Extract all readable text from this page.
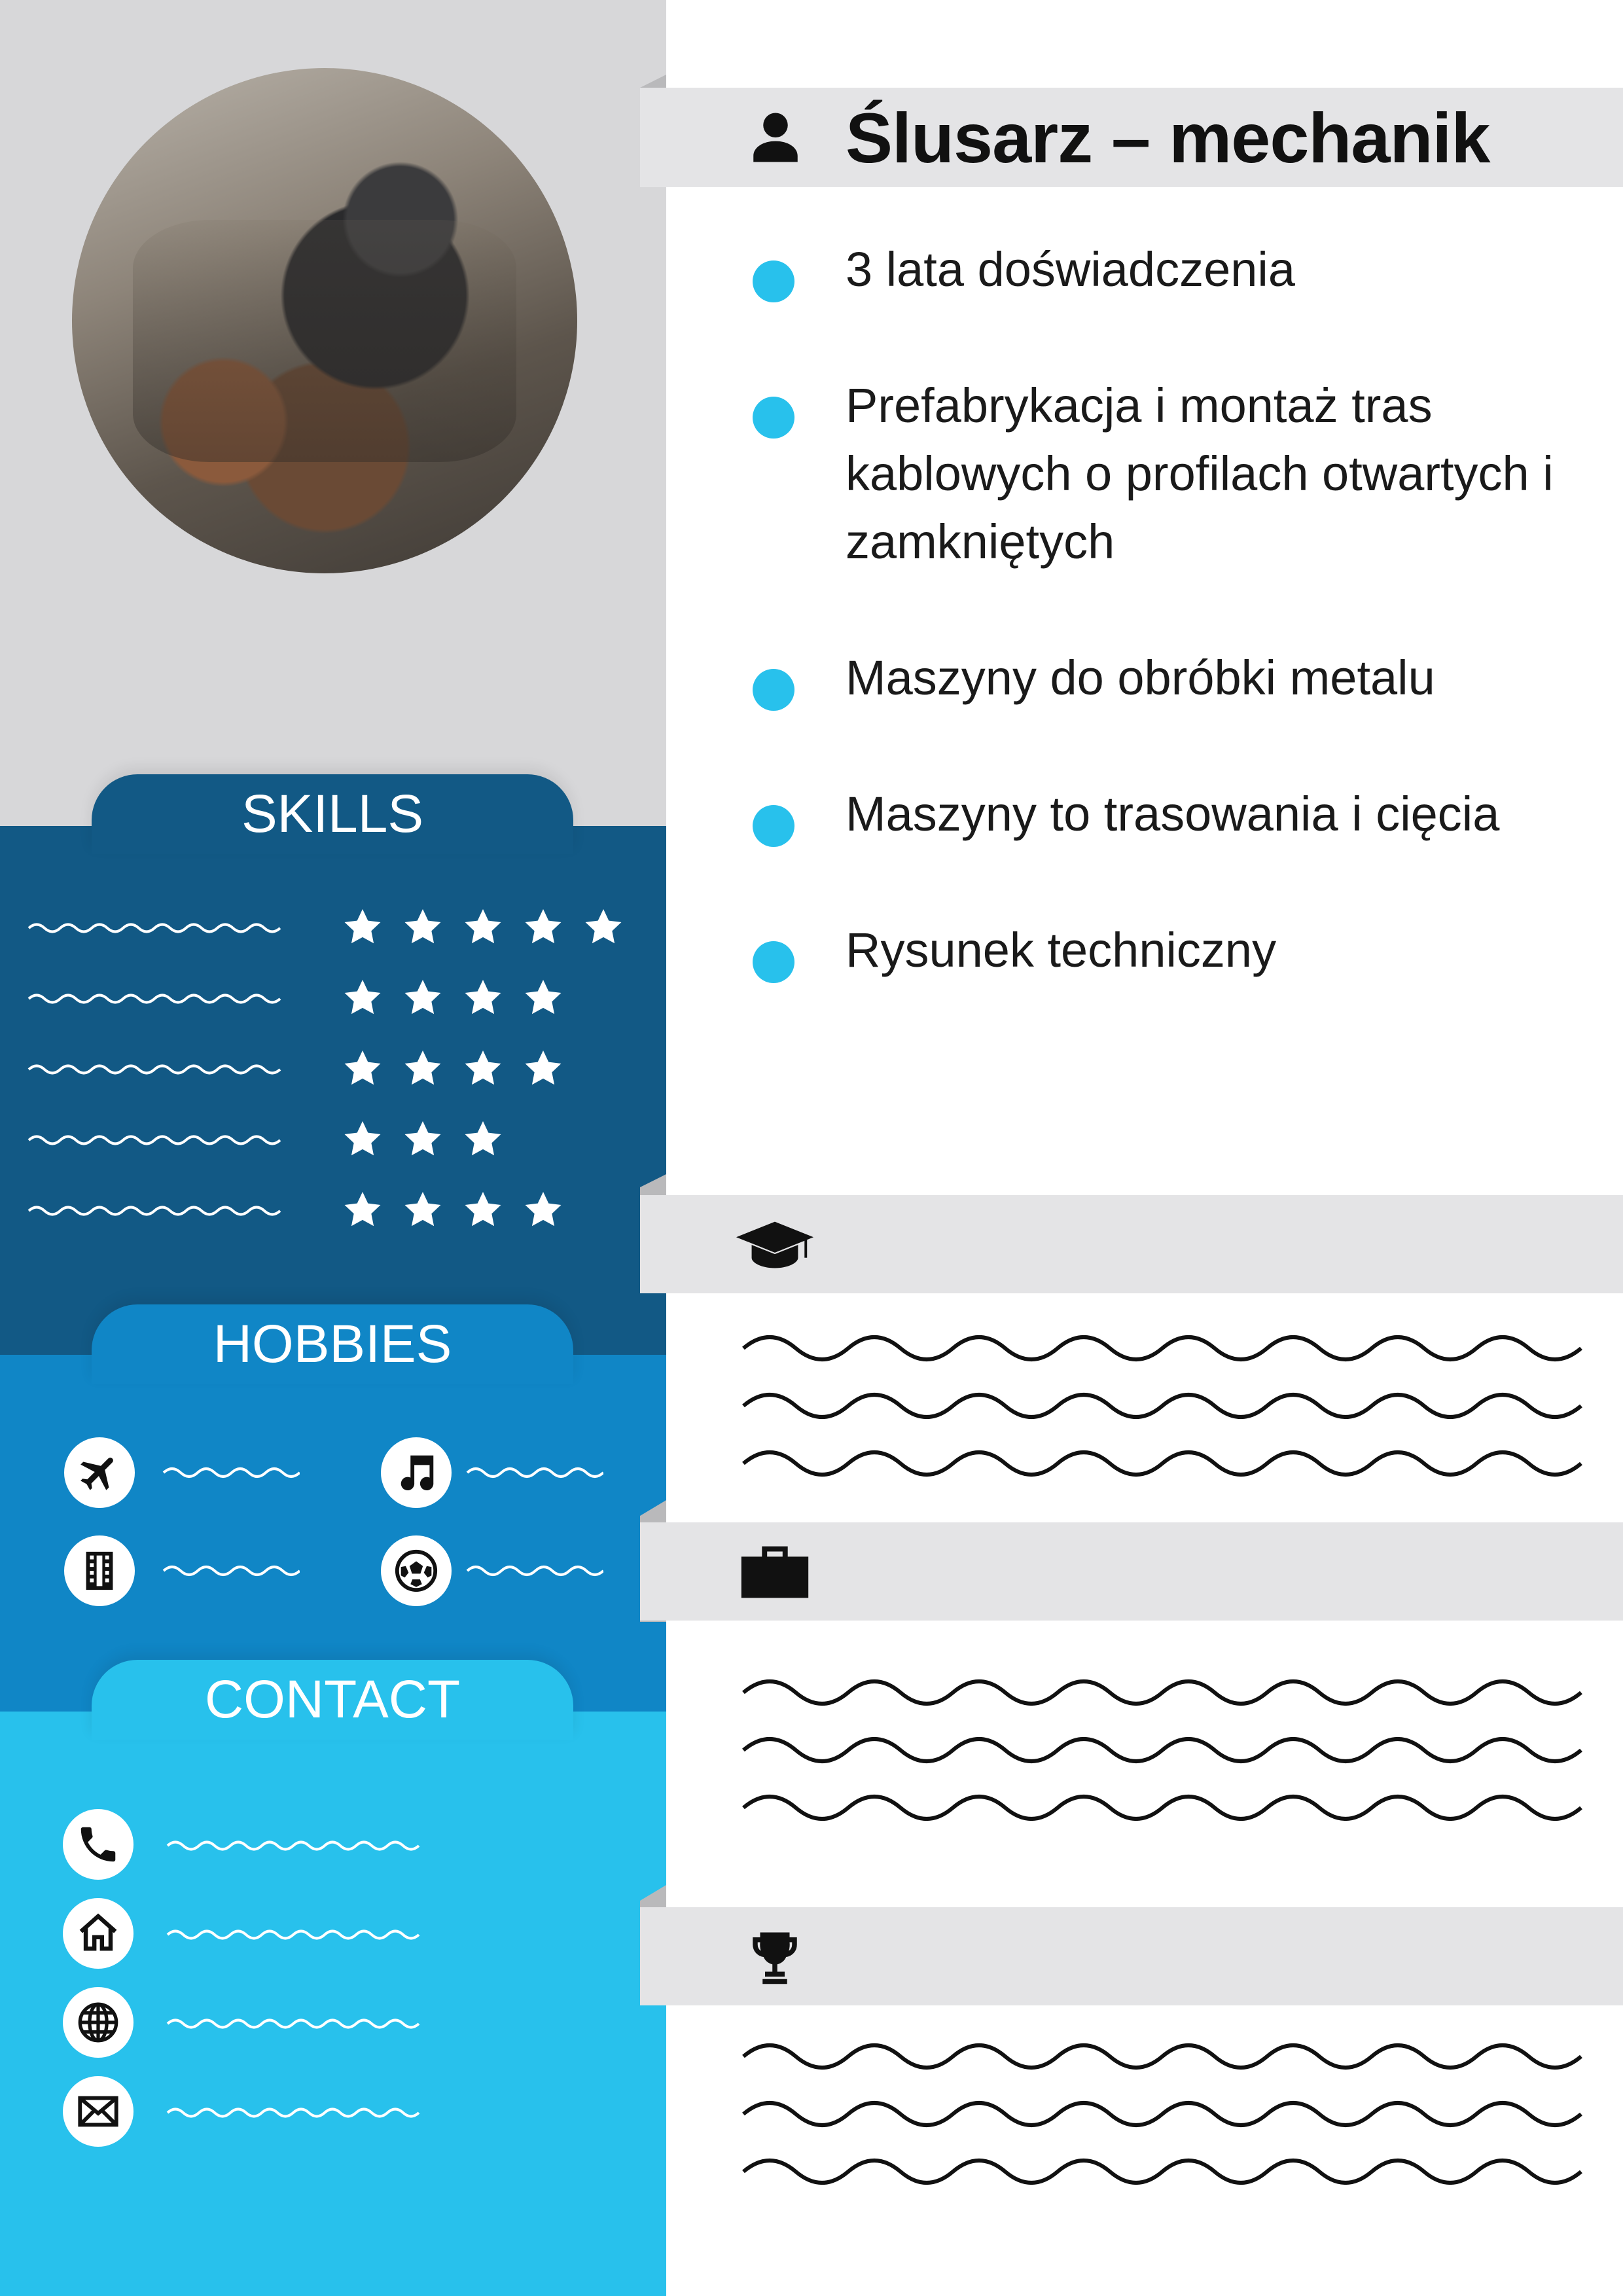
SKILLS
HOBBIES
CONTACT
Ślusarz – mechanik
3 lata doświadczenia
Prefabrykacja i montaż tras kablowych o profilach otwartych i zamkniętych
Maszyny do obróbki metalu
Maszyny to trasowania i cięcia
Rysunek techniczny
